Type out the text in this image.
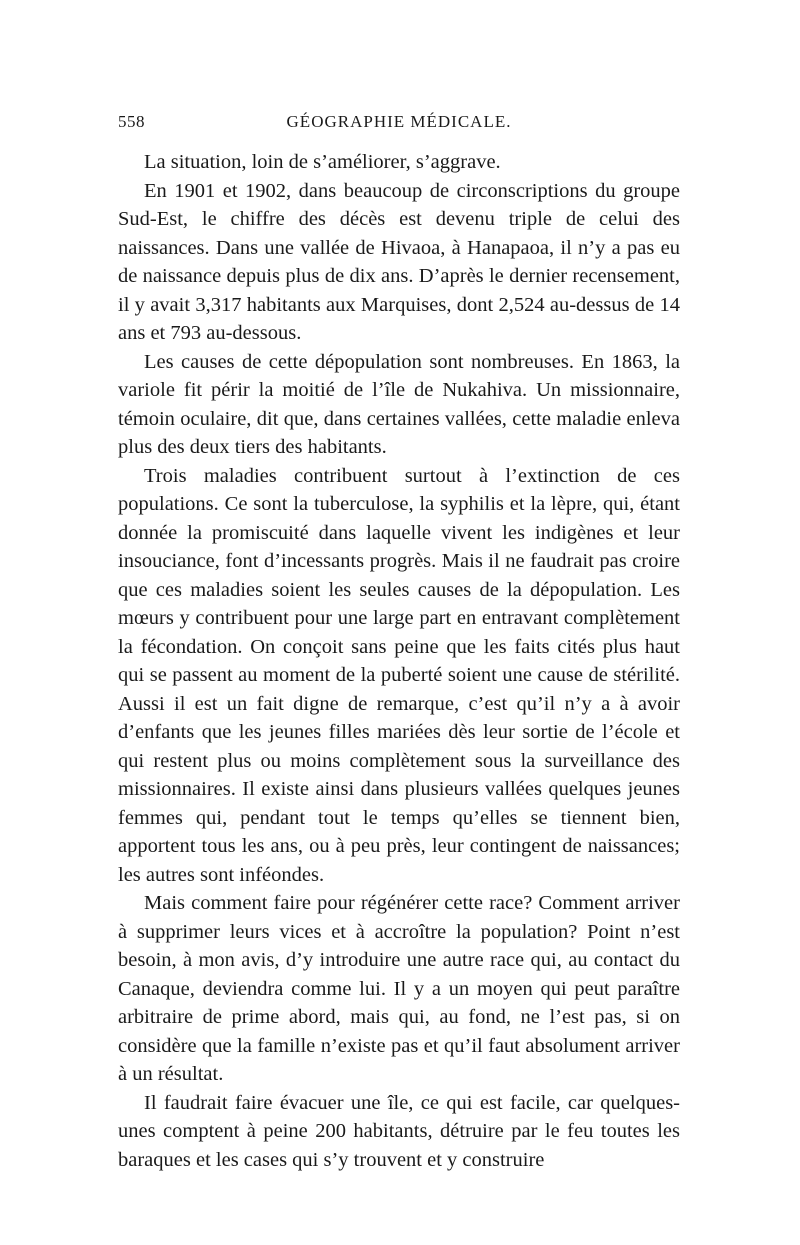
558	GÉOGRAPHIE MÉDICALE.

La situation, loin de s’améliorer, s’aggrave.

En 1901 et 1902, dans beaucoup de circonscriptions du groupe Sud-Est, le chiffre des décès est devenu triple de celui des naissances. Dans une vallée de Hivaoa, à Hanapaoa, il n’y a pas eu de naissance depuis plus de dix ans. D’après le dernier recensement, il y avait 3,317 habitants aux Marquises, dont 2,524 au-dessus de 14 ans et 793 au-dessous.

Les causes de cette dépopulation sont nombreuses. En 1863, la variole fit périr la moitié de l’île de Nukahiva. Un missionnaire, témoin oculaire, dit que, dans certaines vallées, cette maladie enleva plus des deux tiers des habitants.

Trois maladies contribuent surtout à l’extinction de ces populations. Ce sont la tuberculose, la syphilis et la lèpre, qui, étant donnée la promiscuité dans laquelle vivent les indigènes et leur insouciance, font d’incessants progrès. Mais il ne faudrait pas croire que ces maladies soient les seules causes de la dépopulation. Les mœurs y contribuent pour une large part en entravant complètement la fécondation. On conçoit sans peine que les faits cités plus haut qui se passent au moment de la puberté soient une cause de stérilité. Aussi il est un fait digne de remarque, c’est qu’il n’y a à avoir d’enfants que les jeunes filles mariées dès leur sortie de l’école et qui restent plus ou moins complètement sous la surveillance des missionnaires. Il existe ainsi dans plusieurs vallées quelques jeunes femmes qui, pendant tout le temps qu’elles se tiennent bien, apportent tous les ans, ou à peu près, leur contingent de naissances; les autres sont inféondes.

Mais comment faire pour régénérer cette race? Comment arriver à supprimer leurs vices et à accroître la population? Point n’est besoin, à mon avis, d’y introduire une autre race qui, au contact du Canaque, deviendra comme lui. Il y a un moyen qui peut paraître arbitraire de prime abord, mais qui, au fond, ne l’est pas, si on considère que la famille n’existe pas et qu’il faut absolument arriver à un résultat.

Il faudrait faire évacuer une île, ce qui est facile, car quelques-unes comptent à peine 200 habitants, détruire par le feu toutes les baraques et les cases qui s’y trouvent et y construire
